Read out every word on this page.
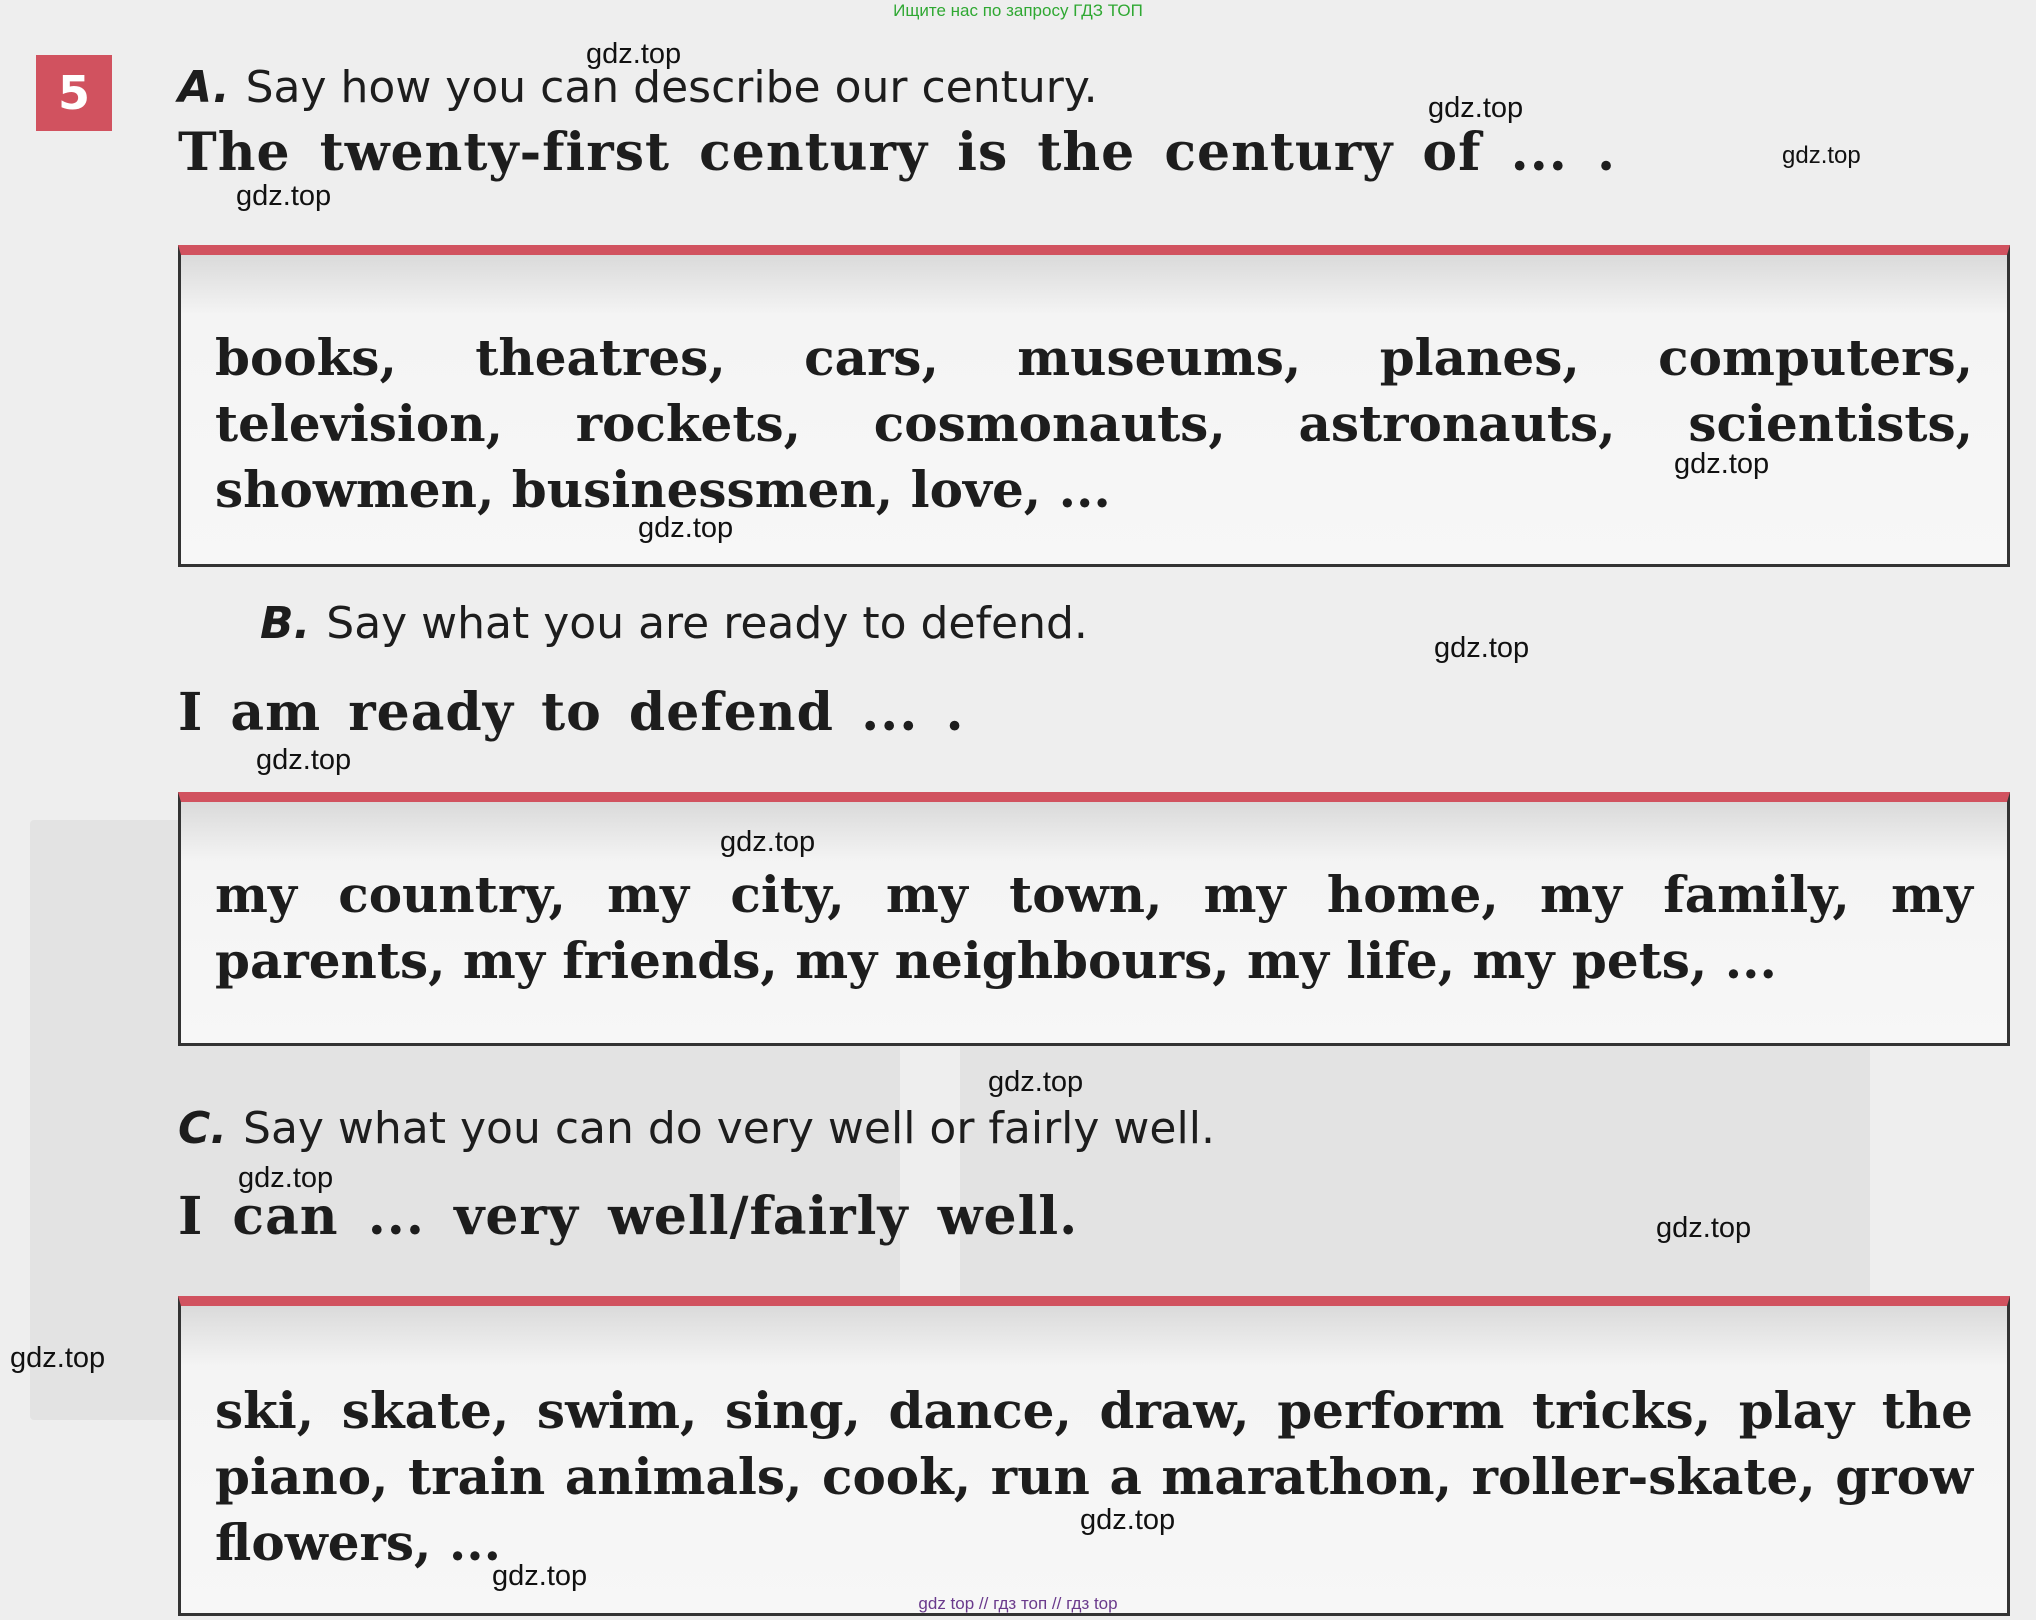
Ищите нас по запросу ГДЗ ТОП
5	A. Say how you can describe our century.
The twenty-first century is the century of ... .
books, theatres, cars, museums, planes, computers, television, rockets, cosmonauts, astronauts, scientists, showmen, businessmen, love, ...
B. Say what you are ready to defend.
I am ready to defend ... .
my country, my city, my town, my home, my family, my parents, my friends, my neighbours, my life, my pets, ...
C. Say what you can do very well or fairly well.
I can ... very well/fairly well.
ski, skate, swim, sing, dance, draw, perform tricks, play the piano, train animals, cook, run a marathon, roller-skate, grow flowers, ...
gdz.top
gdz.top
gdz.top
gdz.top
gdz.top
gdz.top
gdz.top
gdz.top
gdz.top
gdz.top
gdz.top
gdz.top
gdz.top
gdz.top
gdz.top
gdz top // гдз топ // гдз top
